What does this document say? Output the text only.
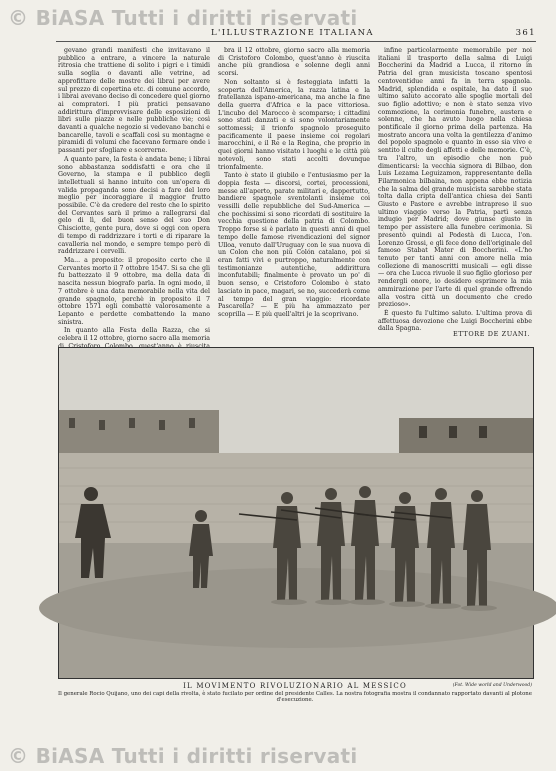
© BiASA Tutti i diritti riservati
L'ILLUSTRAZIONE ITALIANA	361

gevano grandi manifesti che invitavano il pubblico a entrare, a vincere la naturale ritrosia che trattiene di solito i pigri e i timidi sulla soglia o davanti alle vetrine, ad approfittare delle mostre dei librai per avere sul prezzo di copertina etc. di comune accordo, i librai avevano deciso di concedere quel giorno ai compratori. I più pratici pensavano addirittura d'improvvisare delle esposizioni di libri sulle piazze e nelle pubbliche vie; così davanti a qualche negozio si vedevano banchi e bancarelle, tavoli e scaffali così su montagne e piramidi di volumi che facevano fermare onde i passanti per sfogliare e scorrerne.

A quanto pare, la festa è andata bene; i librai sono abbastanza soddisfatti e ora che il Governo, la stampa e il pubblico degli intellettuali si hanno intuito con un'opera di valida propaganda sono decisi a fare del loro meglio per incoraggiare il maggior frutto possibile. C'è da credere del resto che lo spirito del Cervantes sarà il primo a rallegrarsi dal gelo di lì, del buon senso del suo Don Chisciotte, gente pura, dove si oggi con opera di tempo di raddrizzare i torti e di riparare la cavalleria nel mondo, e sempre tempo però di raddrizzare i cervelli.

Ma... a proposito: il proposito certo che il Cervantes morto il 7 ottobre 1547. Si sa che gli fu battezzato il 9 ottobre, ma della data di nascita nessun biografo parla. In ogni modo, il 7 ottobre è una data memorabile nella vita del grande spagnolo, perchè in proposito il 7 ottobre 1571 egli combattè valorosamente a Lepanto e perdette combattendo la mano sinistra.

In quanto alla Festa della Razza, che si celebra il 12 ottobre, giorno sacro alla memoria

bra il 12 ottobre, giorno sacro alla memoria di Cristoforo Colombo, quest'anno è riuscita anche più grandiosa e solenne degli anni scorsi.

Non soltanto si è festeggiata infatti la scoperta dell'America, la razza latina e la fratellanza ispano-americana, ma anche la fine della guerra d'Africa e la pace vittoriosa. L'incubo del Marocco è scomparso; i cittadini sono stati danzati e si sono volontariamente sottomessi; il trionfo spagnolo proseguito pacificamente il paese insieme coi regolari marocchini, e il Re e la Regina, che proprio in quei giorni hanno visitato i luoghi e le città più notevoli, sono stati accolti dovunque trionfalmente.

Tanto è stato il giubilo e l'entusiasmo per la doppia festa — discorsi, cortei, processioni, messe all'aperto, parate militari e, dappertutto, bandiere spagnole sventolanti insieme coi vessilli delle repubbliche del Sud-America — che pochissimi si sono ricordati di sostituire la vecchia questione della patria di Colombo. Troppo forse si è parlato in questi anni di quel tempo delle famose rivendicazioni del signor Ulloa, venuto dall'Uruguay con le sua nuova di un Colon che non più Colón catalano, poi si eran fatti vivi e purtroppo, naturalmente con testimonianze autentiche, addirittura inconfutabili; finalmente è provato un po' di buon senso, e Cristoforo Colombo è stato lasciato in pace, magari, se no, succederà come al tempo del gran viaggio: ricordate Pascarella? — E più ha ammazzato per scoprilla — E più quell'altri je la scoprivano.

infine particolarmente memorabile per noi italiani il trasporto della salma di Luigi Boccherini da Madrid a Lucca, il ritorno in Patria del gran musicista toscano spentosi centoventidue anni fa in terra spagnola. Madrid, splendida e ospitale, ha dato il suo ultimo saluto accorato alle spoglie mortali del suo figlio adottivo; e non è stato senza vivo commozione, la cerimonia funebre, austera e solenne, che ha avuto luogo nella chiesa pontificale il giorno prima della partenza. Ha mostrato ancora una volta la gentilezza d'animo del popolo spagnolo e quanto in esso sia vivo e sentito il culto degli affetti e delle memorie. C'è, tra l'altro, un episodio che non può dimenticarsi: la vecchia signora di Bilbao, don Luis Lezama Leguizamon, rappresentante della Filarmonica bilbaina, non appena ebbe notizia che la salma del grande musicista sarebbe stata tolta dalla cripta dell'antica chiesa dei Santi Giusto e Pastore e avrebbe intrapreso il suo ultimo viaggio verso la Patria, partì senza indugio per Madrid; dove giunse giusto in tempo per assistere alla funebre cerimonia. Si presentò quindi al Podestà di Lucca, l'on. Lorenzo Grossi, e gli fece dono dell'originale del famoso Stabat Mater di Boccherini. «L'ho tenuto per tanti anni con amore nella mia collezione di manoscritti musicali — egli disse — ora che Lucca rivuole il suo figlio glorioso per rendergli onore, io desidero esprimere la mia ammirazione per l'arte di quel grande offrendo alla vostra città un documento che credo prezioso».

È questo fu l'ultimo saluto. L'ultima prova di affettuosa devozione che Luigi Boccherini ebbe dalla Spagna.

ETTORE DE ZUANI.
IL MOVIMENTO RIVOLUZIONARIO AL MESSICO	(Fot. Wide world and Underwood)
Il generale Rocio Quijano, uno dei capi della rivolta, è stato fucilato per ordine del presidente Calles. La nostra fotografia mostra il condannato rapportato davanti al plotone d'esecuzione.
© BiASA Tutti i diritti riservati
